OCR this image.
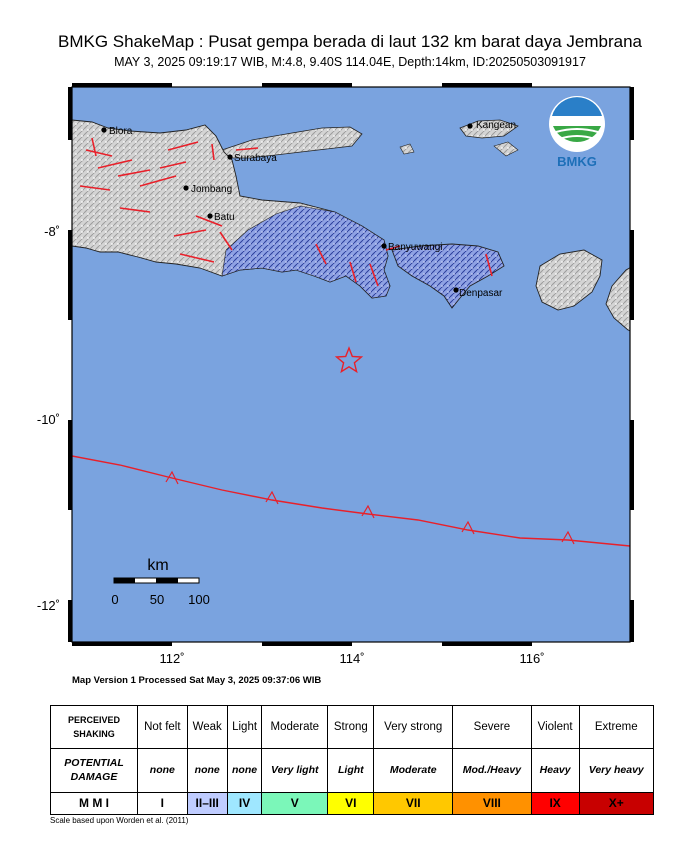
BMKG ShakeMap : Pusat gempa berada di laut 132 km barat daya Jembrana
MAY 3, 2025 09:19:17 WIB, M:4.8, 9.40S 114.04E, Depth:14km, ID:20250503091917
-8˚
-10˚
-12˚
112˚	114˚	116˚
Blora
Surabaya
Jombang
Batu
Banyuwangi
Denpasar
Kangean
km
0 50 100
BMKG
Map Version 1 Processed Sat May 3, 2025 09:37:06 WIB
PERCEIVED SHAKING	Not felt	Weak	Light	Moderate	Strong	Very strong	Severe	Violent	Extreme
POTENTIAL DAMAGE	none	none	none	Very light	Light	Moderate	Mod./Heavy	Heavy	Very heavy
M M I	I	II–III	IV	V	VI	VII	VIII	IX	X+
Scale based upon Worden et al. (2011)
